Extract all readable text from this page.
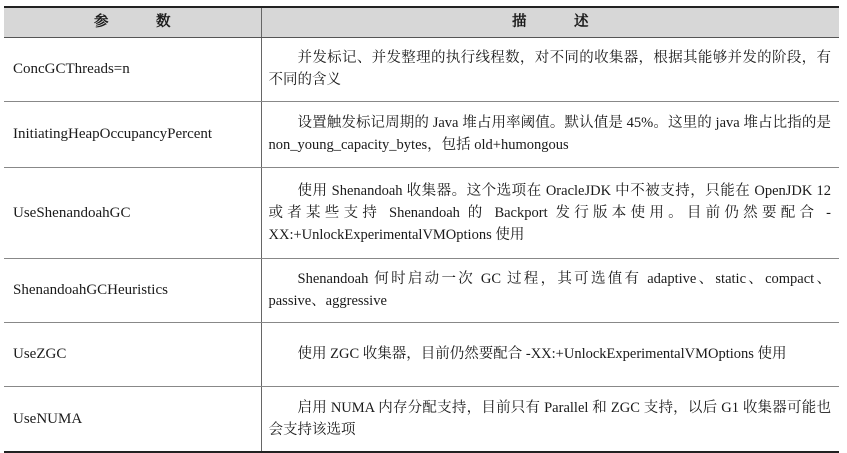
参 数	描 述
ConcGCThreads=n	并发标记、并发整理的执行线程数，对不同的收集器，根据其能够并发的阶段，有不同的含义
InitiatingHeapOccupancyPercent	设置触发标记周期的 Java 堆占用率阈值。默认值是 45%。这里的 java 堆占比指的是 non_young_capacity_bytes，包括 old+humongous
UseShenandoahGC	使用 Shenandoah 收集器。这个选项在 OracleJDK 中不被支持，只能在 OpenJDK 12 或者某些支持 Shenandoah 的 Backport 发行版本使用。目前仍然要配合 -XX:+UnlockExperimentalVMOptions 使用
ShenandoahGCHeuristics	Shenandoah 何时启动一次 GC 过程，其可选值有 adaptive、static、compact、passive、aggressive
UseZGC	使用 ZGC 收集器，目前仍然要配合 -XX:+UnlockExperimentalVMOptions 使用
UseNUMA	启用 NUMA 内存分配支持，目前只有 Parallel 和 ZGC 支持，以后 G1 收集器可能也会支持该选项
